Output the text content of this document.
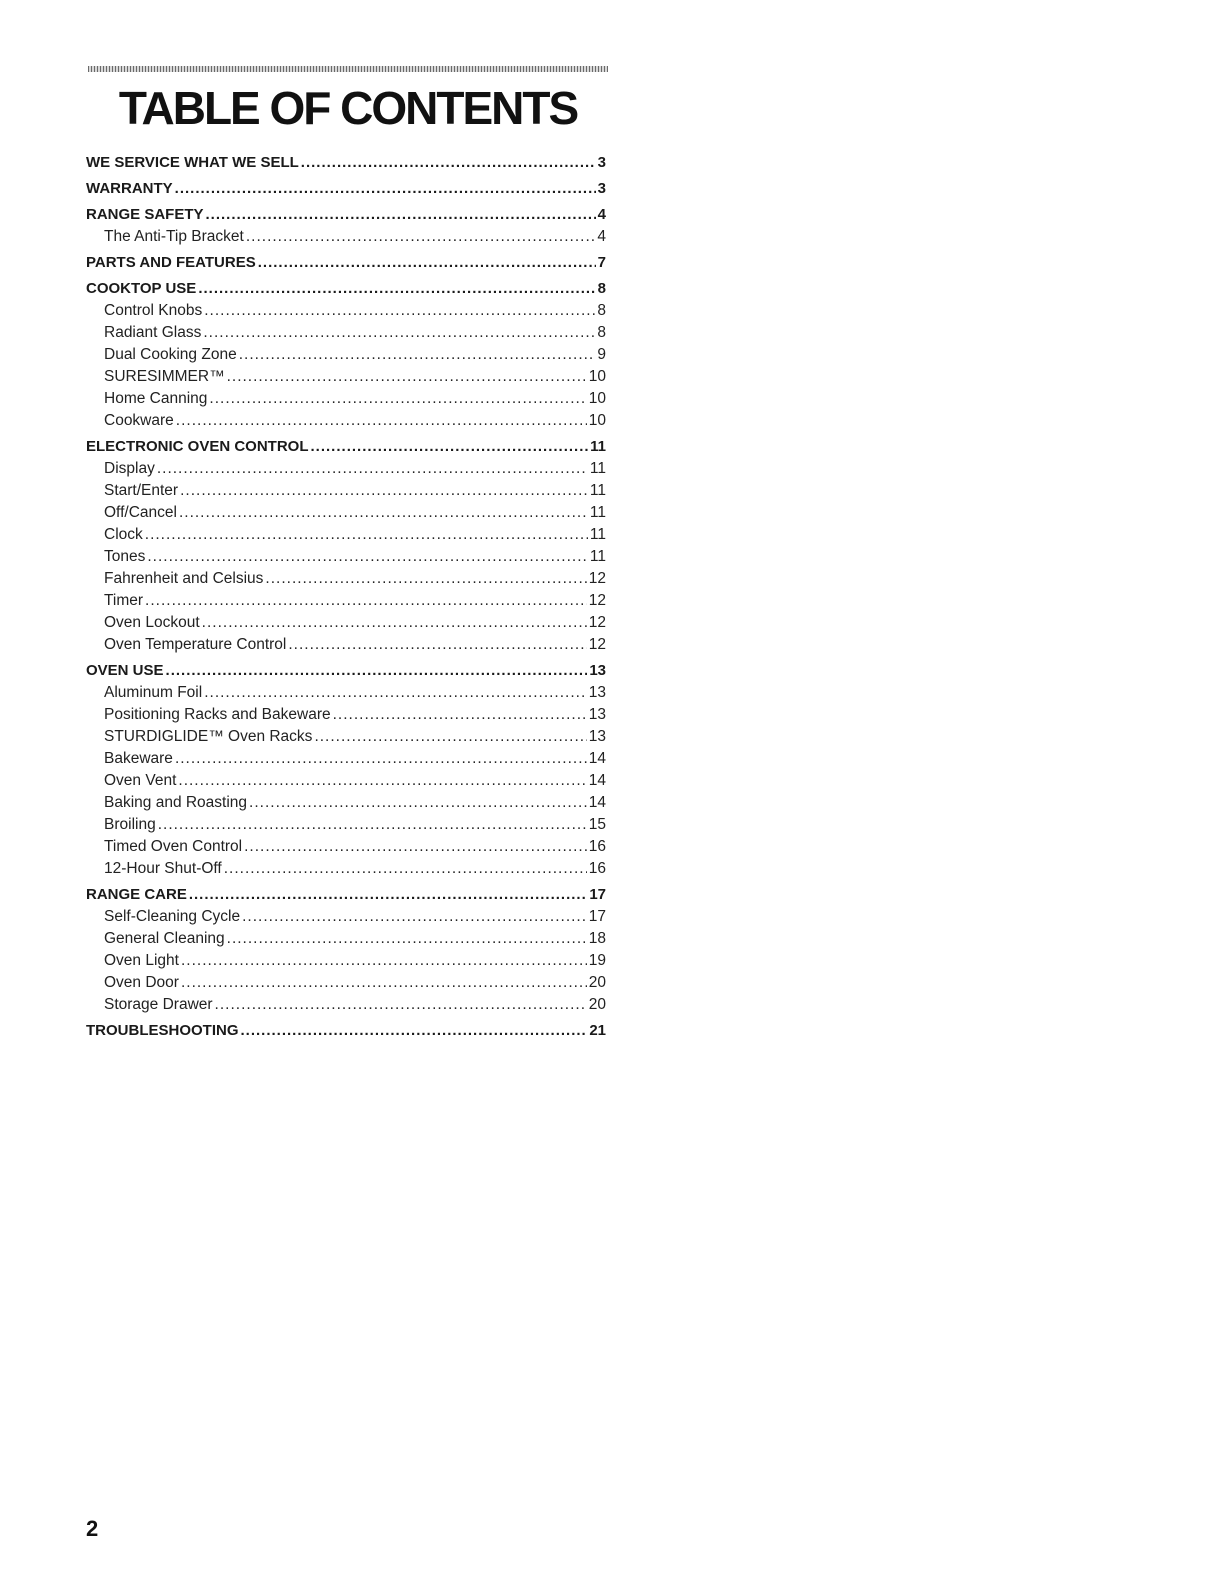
TABLE OF CONTENTS
WE SERVICE WHAT WE SELL .....	3
WARRANTY .....	3
RANGE SAFETY .....	4
The Anti-Tip Bracket .....	4
PARTS AND FEATURES .....	7
COOKTOP USE .....	8
Control Knobs .....	8
Radiant Glass .....	8
Dual Cooking Zone .....	9
SURESIMMER™ .....	10
Home Canning .....	10
Cookware .....	10
ELECTRONIC OVEN CONTROL .....	11
Display .....	11
Start/Enter .....	11
Off/Cancel .....	11
Clock .....	11
Tones .....	11
Fahrenheit and Celsius .....	12
Timer .....	12
Oven Lockout .....	12
Oven Temperature Control .....	12
OVEN USE .....	13
Aluminum Foil .....	13
Positioning Racks and Bakeware .....	13
STURDIGLIDE™ Oven Racks .....	13
Bakeware .....	14
Oven Vent .....	14
Baking and Roasting .....	14
Broiling .....	15
Timed Oven Control .....	16
12-Hour Shut-Off .....	16
RANGE CARE .....	17
Self-Cleaning Cycle .....	17
General Cleaning .....	18
Oven Light .....	19
Oven Door .....	20
Storage Drawer .....	20
TROUBLESHOOTING .....	21
2
